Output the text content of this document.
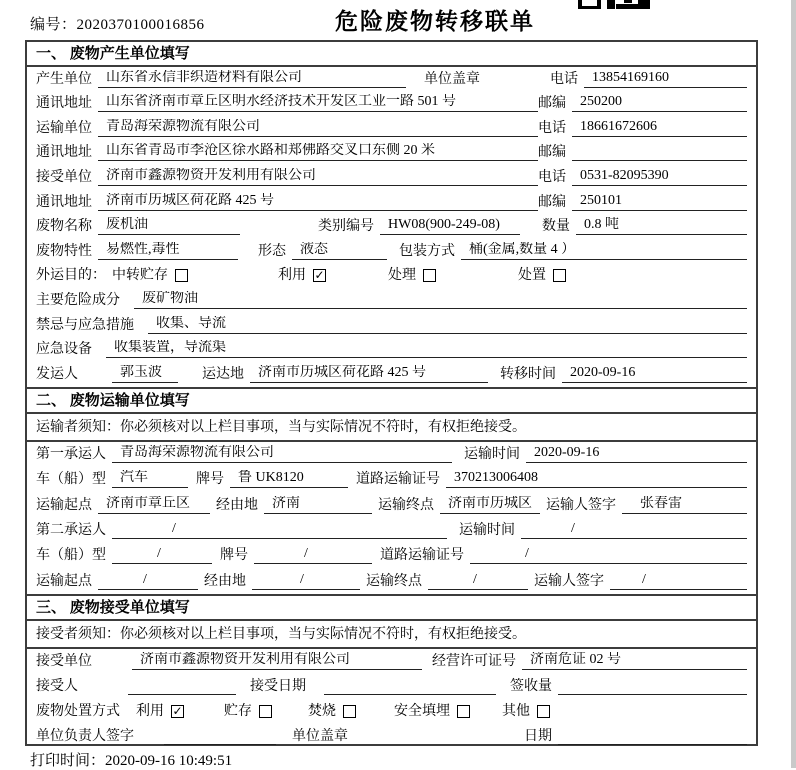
编号：2020370100016856	危险废物转移联单
一、 废物产生单位填写
产生单位	山东省永信非织造材料有限公司	单位盖章	电话	13854169160
通讯地址	山东省济南市章丘区明水经济技术开发区工业一路 501 号	邮编	250200
运输单位	青岛海荣源物流有限公司	电话	18661672606
通讯地址	山东省青岛市李沧区徐水路和郑佛路交叉口东侧 20 米	邮编
接受单位	济南市鑫源物资开发利用有限公司	电话	0531-82095390
通讯地址	济南市历城区荷花路 425 号	邮编	250101
废物名称	废机油	类别编号	HW08(900-249-08)	数量	0.8 吨
废物特性	易燃性,毒性	形态	液态	包装方式	桶(金属,数量 4 ）
外运目的： 中转贮存	利用 ✓	处理	处置
主要危险成分	废矿物油
禁忌与应急措施	收集、导流
应急设备	收集装置，导流渠
发运人	郭玉波	运达地	济南市历城区荷花路 425 号	转移时间	2020-09-16
二、 废物运输单位填写
运输者须知：你必须核对以上栏目事项，当与实际情况不符时，有权拒绝接受。
第一承运人	青岛海荣源物流有限公司	运输时间	2020-09-16
车（船）型	汽车	牌号	鲁 UK8120	道路运输证号	370213006408
运输起点	济南市章丘区	经由地	济南	运输终点	济南市历城区	运输人签字	张春雷
第二承运人	/	运输时间	/
车（船）型	/	牌号	/	道路运输证号	/
运输起点	/	经由地	/	运输终点	/	运输人签字	/
三、 废物接受单位填写
接受者须知：你必须核对以上栏目事项，当与实际情况不符时，有权拒绝接受。
接受单位	济南市鑫源物资开发利用有限公司	经营许可证号	济南危证 02 号
接受人	接受日期	签收量
废物处置方式 利用 ✓	贮存	焚烧	安全填埋	其他
单位负责人签字	单位盖章	日期
打印时间：2020-09-16 10:49:51
